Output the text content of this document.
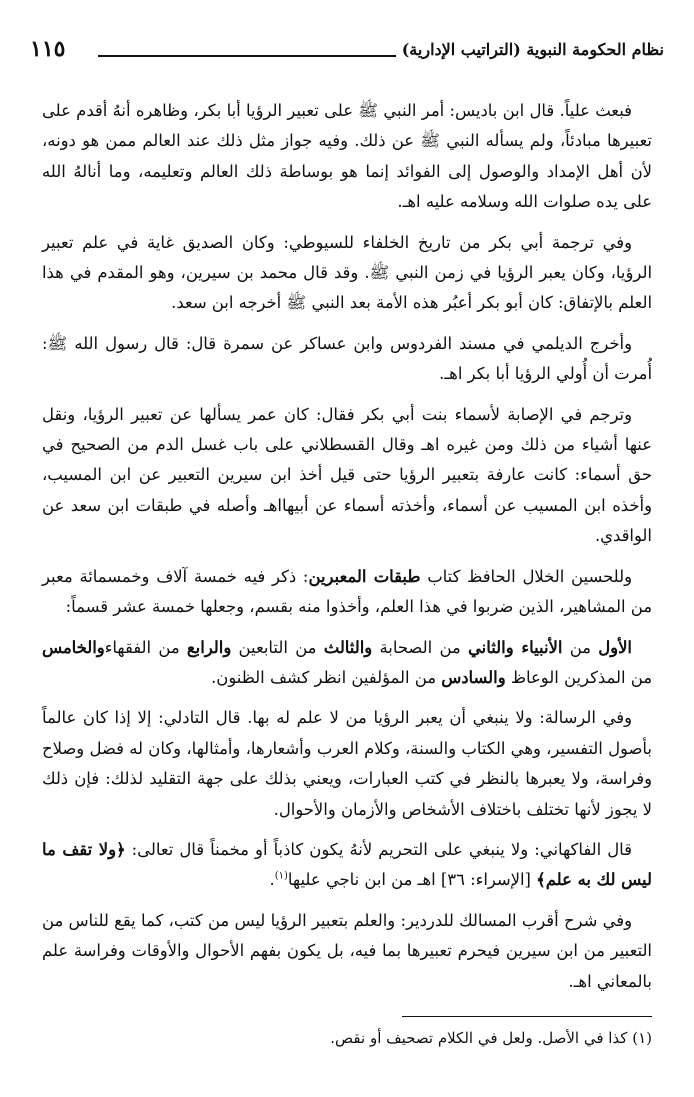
نظام الحكومة النبوية (التراتيب الإدارية)
١١٥

فبعث علياً. قال ابن باديس: أمر النبي ﷺ على تعبير الرؤيا أبا بكر، وظاهره أنهُ أقدم على تعبيرها مبادئاً، ولم يسأله النبي ﷺ عن ذلك. وفيه جواز مثل ذلك عند العالم ممن هو دونه، لأن أهل الإمداد والوصول إلى الفوائد إنما هو بوساطة ذلك العالم وتعليمه، وما أنالهُ الله على يده صلوات الله وسلامه عليه اهـ.

وفي ترجمة أبي بكر من تاريخ الخلفاء للسيوطي: وكان الصديق غاية في علم تعبير الرؤيا، وكان يعبر الرؤيا في زمن النبي ﷺ. وقد قال محمد بن سيرين، وهو المقدم في هذا العلم بالإتفاق: كان أبو بكر أعبُر هذه الأمة بعد النبي ﷺ أخرجه ابن سعد.

وأخرج الديلمي في مسند الفردوس وابن عساكر عن سمرة قال: قال رسول الله ﷺ: أُمرت أن أُولي الرؤيا أبا بكر اهـ.

وترجم في الإصابة لأسماء بنت أبي بكر فقال: كان عمر يسألها عن تعبير الرؤيا، ونقل عنها أشياء من ذلك ومن غيره اهـ وقال القسطلاني على باب غسل الدم من الصحيح في حق أسماء: كانت عارفة بتعبير الرؤيا حتى قيل أخذ ابن سيرين التعبير عن ابن المسيب، وأخذه ابن المسيب عن أسماء، وأخذته أسماء عن أبيهااهـ وأصله في طبقات ابن سعد عن الواقدي.

وللحسين الخلال الحافظ كتاب طبقات المعبرين: ذكر فيه خمسة آلاف وخمسمائة معبر من المشاهير، الذين ضربوا في هذا العلم، وأخذوا منه بقسم، وجعلها خمسة عشر قسماً:

الأول من الأنبياء والثاني من الصحابة والثالث من التابعين والرابع من الفقهاءوالخامس من المذكرين الوعاظ والسادس من المؤلفين انظر كشف الظنون.

وفي الرسالة: ولا ينبغي أن يعبر الرؤيا من لا علم له بها. قال التادلي: إلا إذا كان عالماً بأصول التفسير، وهي الكتاب والسنة، وكلام العرب وأشعارها، وأمثالها، وكان له فضل وصلاح وفراسة، ولا يعبرها بالنظر في كتب العبارات، ويعني بذلك على جهة التقليد لذلك: فإن ذلك لا يجوز لأنها تختلف باختلاف الأشخاص والأزمان والأحوال.

قال الفاكهاني: ولا ينبغي على التحريم لأنهُ يكون كاذباً أو مخمناً قال تعالى: ﴿ولا تقف ما ليس لك به علم﴾ [الإسراء: ٣٦] اهـ من ابن ناجي عليها$^{(١)}$.

وفي شرح أقرب المسالك للدردير: والعلم بتعبير الرؤيا ليس من كتب، كما يقع للناس من التعبير من ابن سيرين فيحرم تعبيرها بما فيه، بل يكون بفهم الأحوال والأوقات وفراسة علم بالمعاني اهـ.

(١) كذا في الأصل. ولعل في الكلام تصحيف أو نقص.
